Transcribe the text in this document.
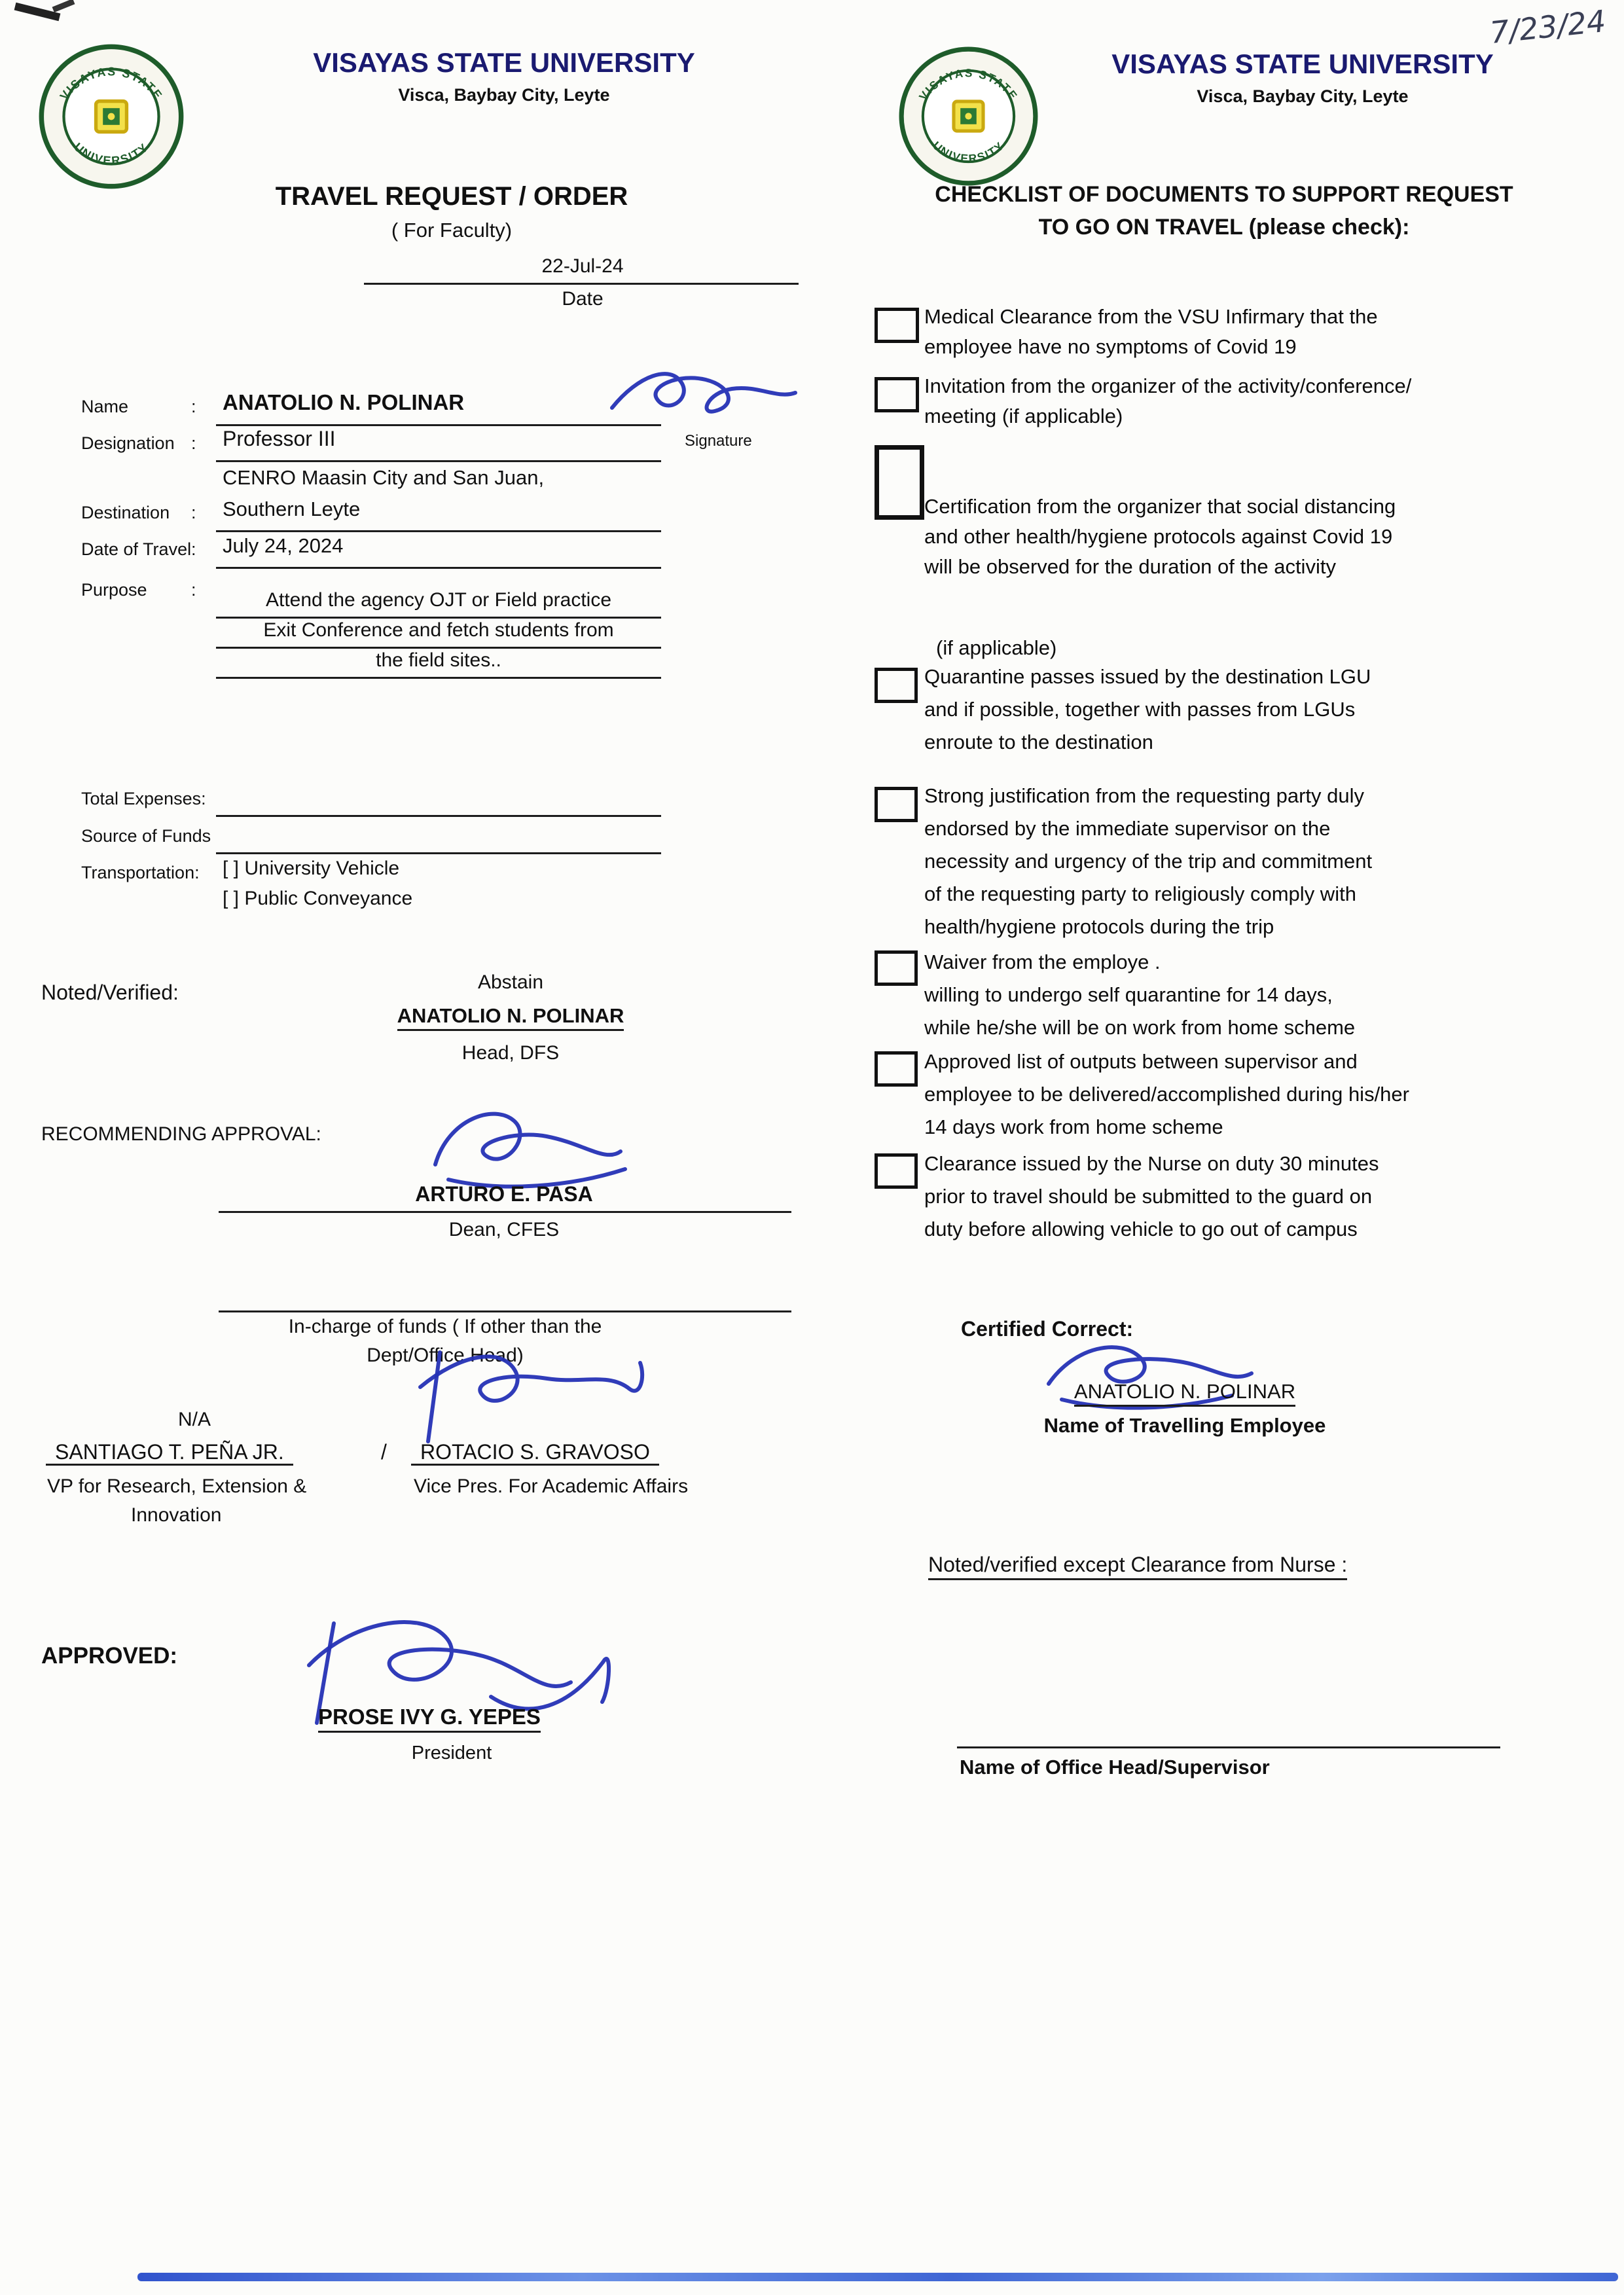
7/23/24
VISAYAS STATE
UNIVERSITY
VISAYAS STATE UNIVERSITY
Visca, Baybay City, Leyte
TRAVEL REQUEST / ORDER
( For Faculty)
22-Jul-24
Date
Name	: ANATOLIO N. POLINAR
Signature
Designation : Professor III
CENRO Maasin City and San Juan,
Destination : Southern Leyte
Date of Travel : July 24, 2024
Purpose :	Attend the agency OJT or Field practice
Exit Conference and fetch students from
the field sites..
Total Expenses:
Source of Funds
Transportation: [ ] University Vehicle
[ ] Public Conveyance
Noted/Verified:	Abstain
ANATOLIO N. POLINAR
Head, DFS
RECOMMENDING APPROVAL:
ARTURO E. PASA
Dean, CFES
In-charge of funds ( If other than the
Dept/Office Head)
N/A
SANTIAGO T. PEÑA JR.	/	ROTACIO S. GRAVOSO
VP for Research, Extension &
Innovation
Vice Pres. For Academic Affairs
APPROVED:
PROSE IVY G. YEPES
President
VISAYAS STATE
UNIVERSITY
VISAYAS STATE UNIVERSITY
Visca, Baybay City, Leyte
CHECKLIST OF DOCUMENTS TO SUPPORT REQUEST
TO GO ON TRAVEL (please check):
Medical Clearance from the VSU Infirmary that the
employee have no symptoms of Covid 19
Invitation from the organizer of the activity/conference/
meeting (if applicable)
Certification from the organizer that social distancing
and other health/hygiene protocols against Covid 19
will be observed for the duration of the activity
(if applicable)
Quarantine passes issued by the destination LGU
and if possible, together with passes from LGUs
enroute to the destination
Strong justification from the requesting party duly
endorsed by the immediate supervisor on the
necessity and urgency of the trip and commitment
of the requesting party to religiously comply with
health/hygiene protocols during the trip
Waiver from the employe .
willing to undergo self quarantine for 14 days,
while he/she will be on work from home scheme
Approved list of outputs between supervisor and
employee to be delivered/accomplished during his/her
14 days work from home scheme
Clearance issued by the Nurse on duty 30 minutes
prior to travel should be submitted to the guard on
duty before allowing vehicle to go out of campus
Certified Correct:
ANATOLIO N. POLINAR
Name of Travelling Employee
Noted/verified except Clearance from Nurse :
Name of Office Head/Supervisor
